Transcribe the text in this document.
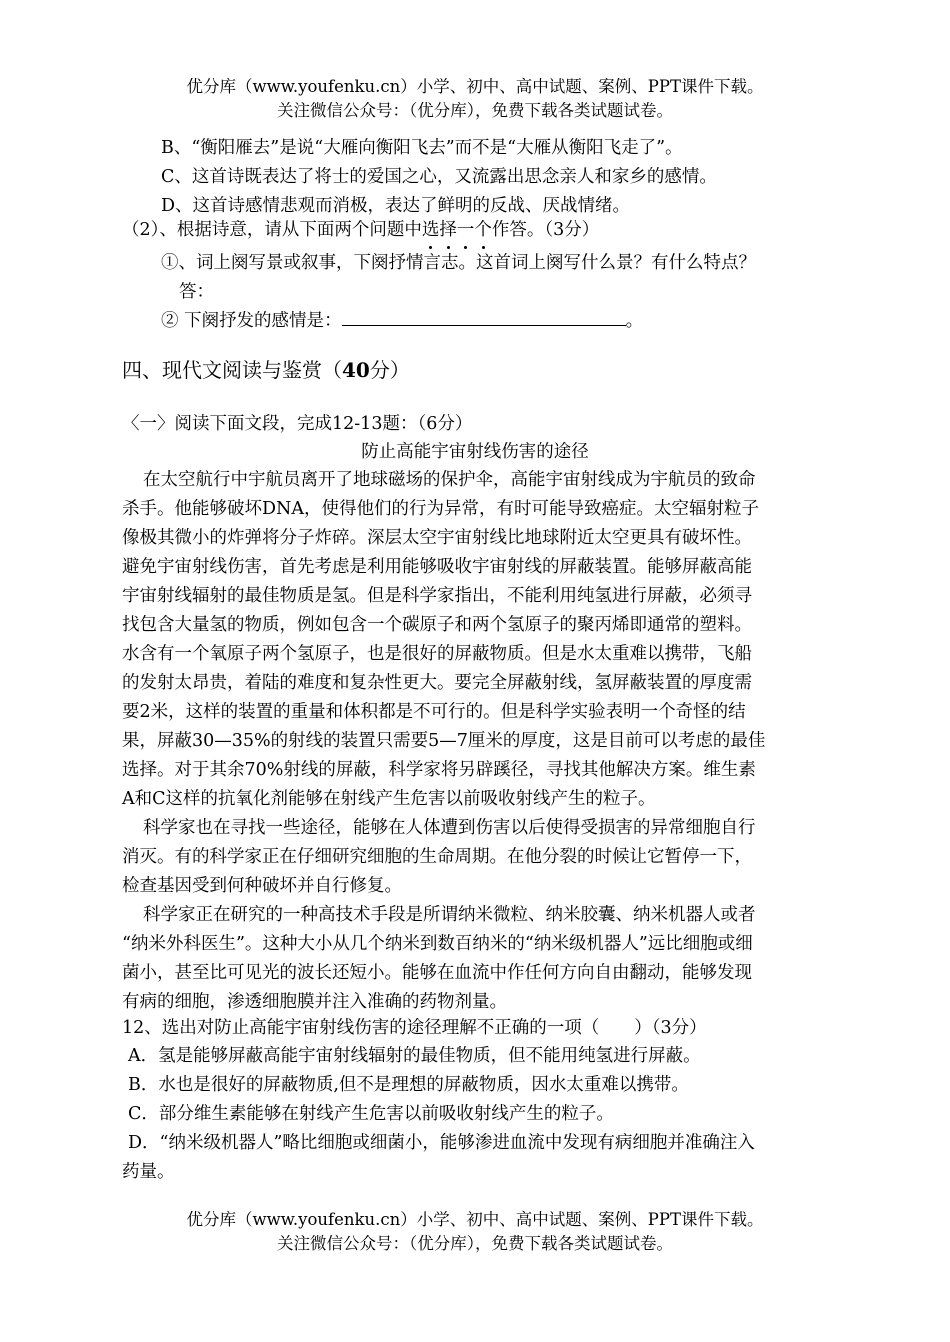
优分库（www.youfenku.cn）小学、初中、高中试题、案例、PPT课件下载。
关注微信公众号：（优分库），免费下载各类试题试卷。
B、“衡阳雁去”是说“大雁向衡阳飞去”而不是“大雁从衡阳飞走了”。
C、这首诗既表达了将士的爱国之心，又流露出思念亲人和家乡的感情。
D、这首诗感情悲观而消极，表达了鲜明的反战、厌战情绪。
（2）、根据诗意，请从下面两个问题中选择一个作答。（3分）
①、词上阕写景或叙事，下阕抒情言志。这首词上阕写什么景？有什么特点？
答：
② 下阕抒发的感情是：	。
四、现代文阅读与鉴赏（40分）
〈一〉阅读下面文段，完成12-13题：（6分）
防止高能宇宙射线伤害的途径
在太空航行中宇航员离开了地球磁场的保护伞，高能宇宙射线成为宇航员的致命
杀手。他能够破坏DNA，使得他们的行为异常，有时可能导致癌症。太空辐射粒子
像极其微小的炸弹将分子炸碎。深层太空宇宙射线比地球附近太空更具有破坏性。
避免宇宙射线伤害，首先考虑是利用能够吸收宇宙射线的屏蔽装置。能够屏蔽高能
宇宙射线辐射的最佳物质是氢。但是科学家指出，不能利用纯氢进行屏蔽，必须寻
找包含大量氢的物质，例如包含一个碳原子和两个氢原子的聚丙烯即通常的塑料。
水含有一个氧原子两个氢原子，也是很好的屏蔽物质。但是水太重难以携带，飞船
的发射太昂贵，着陆的难度和复杂性更大。要完全屏蔽射线，氢屏蔽装置的厚度需
要2米，这样的装置的重量和体积都是不可行的。但是科学实验表明一个奇怪的结
果，屏蔽30—35%的射线的装置只需要5—7厘米的厚度，这是目前可以考虑的最佳
选择。对于其余70%射线的屏蔽，科学家将另辟蹊径，寻找其他解决方案。维生素
A和C这样的抗氧化剂能够在射线产生危害以前吸收射线产生的粒子。
科学家也在寻找一些途径，能够在人体遭到伤害以后使得受损害的异常细胞自行
消灭。有的科学家正在仔细研究细胞的生命周期。在他分裂的时候让它暂停一下，
检查基因受到何种破坏并自行修复。
科学家正在研究的一种高技术手段是所谓纳米微粒、纳米胶囊、纳米机器人或者
“纳米外科医生”。这种大小从几个纳米到数百纳米的“纳米级机器人”远比细胞或细
菌小，甚至比可见光的波长还短小。能够在血流中作任何方向自由翻动，能够发现
有病的细胞，渗透细胞膜并注入准确的药物剂量。
12、选出对防止高能宇宙射线伤害的途径理解不正确的一项（　　）（3分）
A．氢是能够屏蔽高能宇宙射线辐射的最佳物质，但不能用纯氢进行屏蔽。
B．水也是很好的屏蔽物质,但不是理想的屏蔽物质，因水太重难以携带。
C．部分维生素能够在射线产生危害以前吸收射线产生的粒子。
D．“纳米级机器人”略比细胞或细菌小，能够渗进血流中发现有病细胞并准确注入
药量。
优分库（www.youfenku.cn）小学、初中、高中试题、案例、PPT课件下载。
关注微信公众号：（优分库），免费下载各类试题试卷。
